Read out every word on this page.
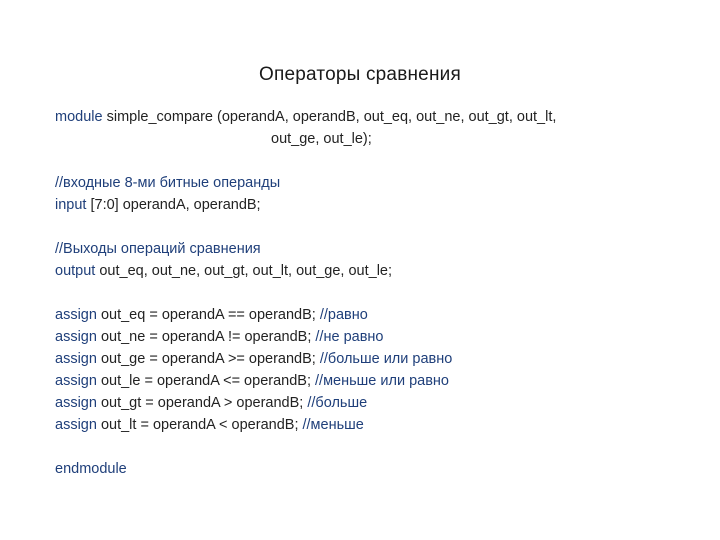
Операторы сравнения
module simple_compare (operandA, operandB, out_eq, out_ne, out_gt, out_lt,
out_ge, out_le);
//входные 8-ми битные операнды
input [7:0] operandA, operandB;
//Выходы операций сравнения
output out_eq, out_ne, out_gt, out_lt, out_ge, out_le;
assign out_eq = operandA == operandB; //равно
assign out_ne = operandA != operandB; //не равно
assign out_ge = operandA >= operandB; //больше или равно
assign out_le = operandA <= operandB; //меньше или равно
assign out_gt = operandA > operandB; //больше
assign out_lt = operandA < operandB; //меньше
endmodule
